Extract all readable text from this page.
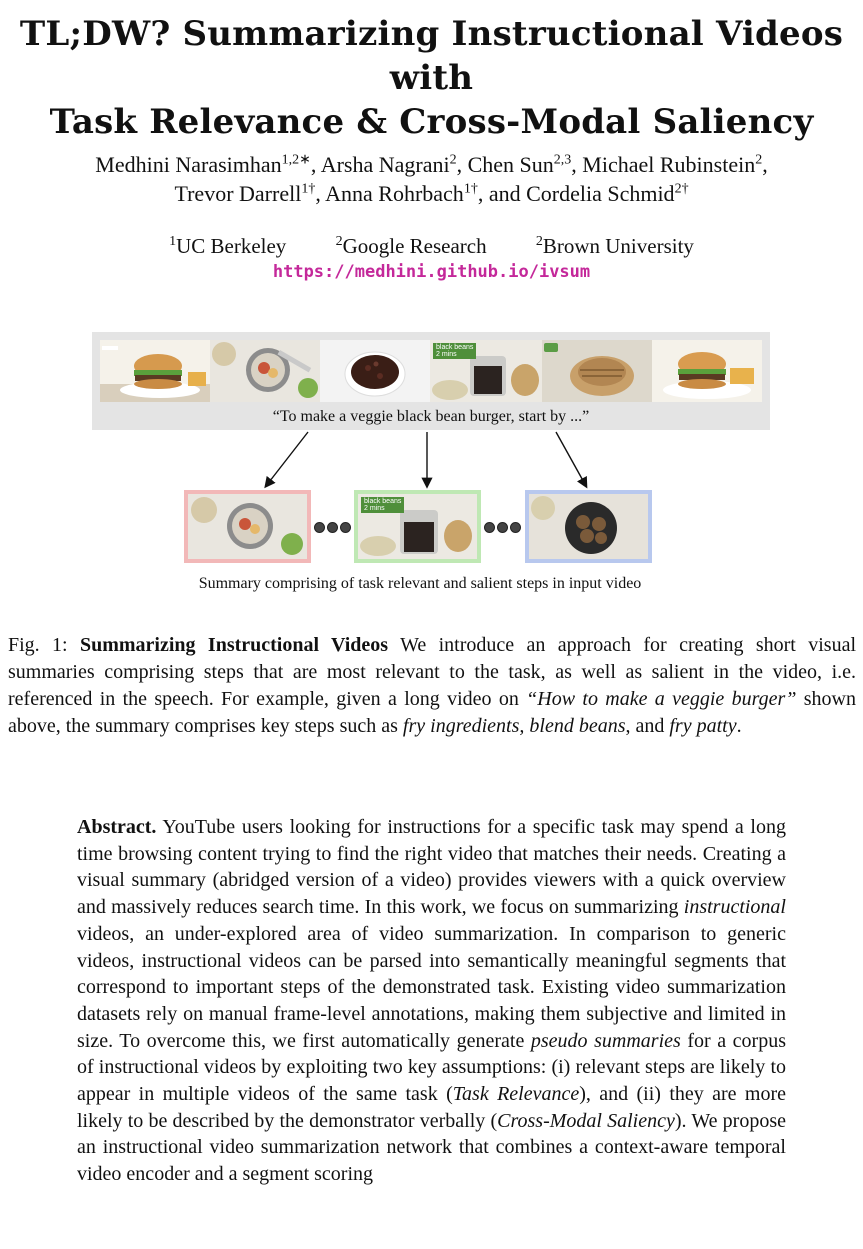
TL;DW? Summarizing Instructional Videos with
Task Relevance & Cross-Modal Saliency
Medhini Narasimhan$^{1,2∗}$, Arsha Nagrani$^2$, Chen Sun$^{2,3}$, Michael Rubinstein$^2$,
Trevor Darrell$^{1\dagger}$, Anna Rohrbach$^{1\dagger}$, and Cordelia Schmid$^{2\dagger}$
$^1$UC Berkeley	$^2$Google Research	$^2$Brown University
https://medhini.github.io/ivsum
black beans
2 mins
“To make a veggie black bean burger, start by ...”
black beans
2 mins
Summary comprising of task relevant and salient steps in input video
Fig. 1: Summarizing Instructional Videos We introduce an approach for creating short visual summaries comprising steps that are most relevant to the task, as well as salient in the video, i.e. referenced in the speech. For example, given a long video on “How to make a veggie burger” shown above, the summary comprises key steps such as fry ingredients, blend beans, and fry patty.
Abstract. YouTube users looking for instructions for a specific task may spend a long time browsing content trying to find the right video that matches their needs. Creating a visual summary (abridged version of a video) provides viewers with a quick overview and massively reduces search time. In this work, we focus on summarizing instructional videos, an under-explored area of video summarization. In comparison to generic videos, instructional videos can be parsed into semantically meaningful segments that correspond to important steps of the demonstrated task. Existing video summarization datasets rely on manual frame-level annotations, making them subjective and limited in size. To overcome this, we first automatically generate pseudo summaries for a corpus of instructional videos by exploiting two key assumptions: (i) relevant steps are likely to appear in multiple videos of the same task (Task Relevance), and (ii) they are more likely to be described by the demonstrator verbally (Cross-Modal Saliency). We propose an instructional video summarization network that combines a context-aware temporal video encoder and a segment scoring
